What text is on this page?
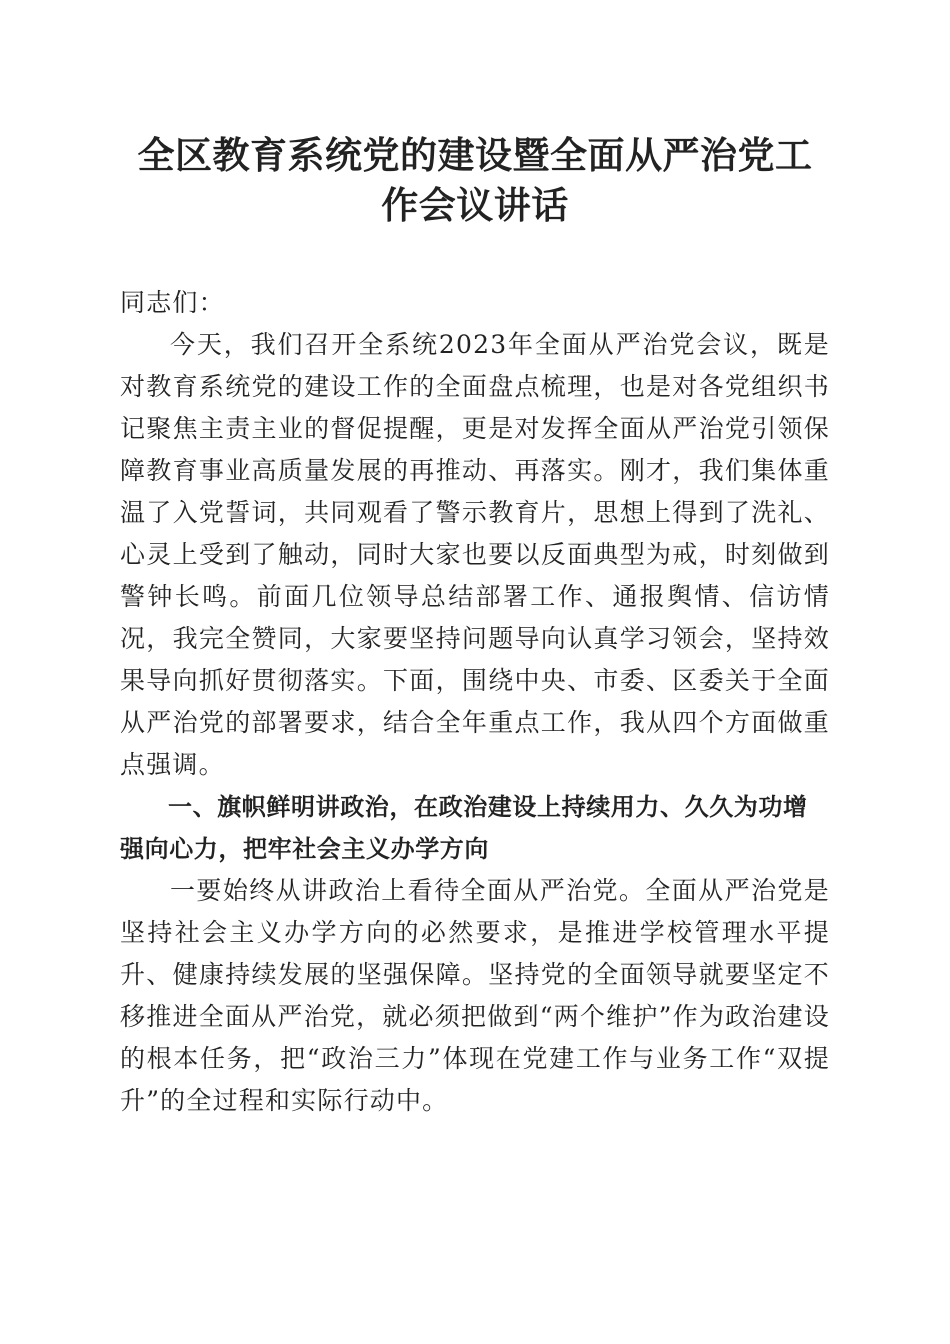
全区教育系统党的建设暨全面从严治党工作会议讲话

同志们：

今天，我们召开全系统2023年全面从严治党会议，既是对教育系统党的建设工作的全面盘点梳理，也是对各党组织书记聚焦主责主业的督促提醒，更是对发挥全面从严治党引领保障教育事业高质量发展的再推动、再落实。刚才，我们集体重温了入党誓词，共同观看了警示教育片，思想上得到了洗礼、心灵上受到了触动，同时大家也要以反面典型为戒，时刻做到警钟长鸣。前面几位领导总结部署工作、通报舆情、信访情况，我完全赞同，大家要坚持问题导向认真学习领会，坚持效果导向抓好贯彻落实。下面，围绕中央、市委、区委关于全面从严治党的部署要求，结合全年重点工作，我从四个方面做重点强调。

一、旗帜鲜明讲政治，在政治建设上持续用力、久久为功增强向心力，把牢社会主义办学方向

一要始终从讲政治上看待全面从严治党。全面从严治党是坚持社会主义办学方向的必然要求，是推进学校管理水平提升、健康持续发展的坚强保障。坚持党的全面领导就要坚定不移推进全面从严治党，就必须把做到“两个维护”作为政治建设的根本任务，把“政治三力”体现在党建工作与业务工作“双提升”的全过程和实际行动中。
